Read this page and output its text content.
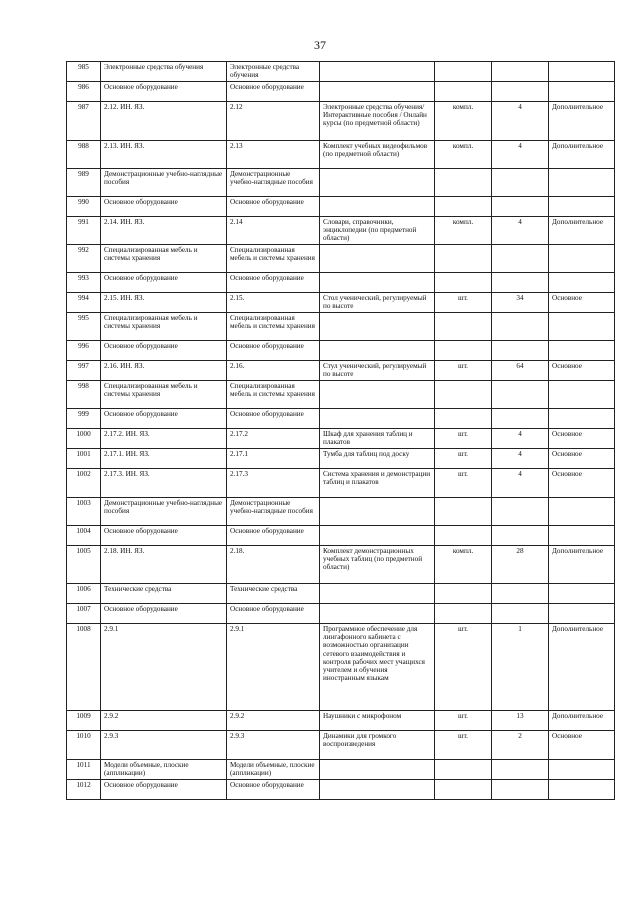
37
985	Электронные средства обучения	Электронные средства обучения				
986	Основное оборудование	Основное оборудование				
987	2.12. ИН. ЯЗ.	2.12	Электронные средства обучения/Интерактивные пособия / Онлайн курсы (по предметной области)	компл.	4	Дополнительное
988	2.13. ИН. ЯЗ.	2.13	Комплект учебных видеофильмов (по предметной области)	компл.	4	Дополнительное
989	Демонстрационные учебно-наглядные пособия	Демонстрационные учебно-наглядные пособия				
990	Основное оборудование	Основное оборудование				
991	2.14. ИН. ЯЗ.	2.14	Словари, справочники, энциклопедии (по предметной области)	компл.	4	Дополнительное
992	Специализированная мебель и системы хранения	Специализированная мебель и системы хранения				
993	Основное оборудование	Основное оборудование				
994	2.15. ИН. ЯЗ.	2.15.	Стол ученический, регулируемый по высоте	шт.	34	Основное
995	Специализированная мебель и системы хранения	Специализированная мебель и системы хранения				
996	Основное оборудование	Основное оборудование				
997	2.16. ИН. ЯЗ.	2.16.	Стул ученический, регулируемый по высоте	шт.	64	Основное
998	Специализированная мебель и системы хранения	Специализированная мебель и системы хранения				
999	Основное оборудование	Основное оборудование				
1000	2.17.2. ИН. ЯЗ.	2.17.2	Шкаф для хранения таблиц и плакатов	шт.	4	Основное
1001	2.17.1. ИН. ЯЗ.	2.17.1	Тумба для таблиц под доску	шт.	4	Основное
1002	2.17.3. ИН. ЯЗ.	2.17.3	Система хранения и демонстрации таблиц и плакатов	шт.	4	Основное
1003	Демонстрационные учебно-наглядные пособия	Демонстрационные учебно-наглядные пособия				
1004	Основное оборудование	Основное оборудование				
1005	2.18. ИН. ЯЗ.	2.18.	Комплект демонстрационных учебных таблиц (по предметной области)	компл.	28	Дополнительное
1006	Технические средства	Технические средства				
1007	Основное оборудование	Основное оборудование				
1008	2.9.1	2.9.1	Программное обеспечение для лингафонного кабинета с возможностью организации сетевого взаимодействия и контроля рабочих мест учащихся учителем и обучения иностранным языкам	шт.	1	Дополнительное
1009	2.9.2	2.9.2	Наушники с микрофоном	шт.	13	Дополнительное
1010	2.9.3	2.9.3	Динамики для громкого воспроизведения	шт.	2	Основное
1011	Модели объемные, плоские (аппликации)	Модели объемные, плоские (аппликации)				
1012	Основное оборудование	Основное оборудование				
